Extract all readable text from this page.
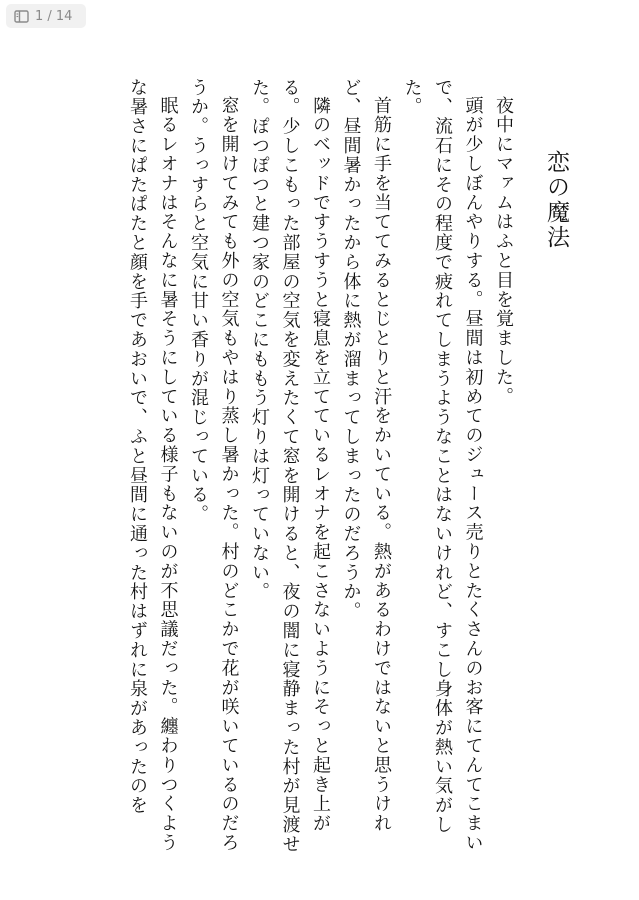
1 / 14
恋の魔法

夜中にマァムはふと目を覚ました。

頭が少しぼんやりする。昼間は初めてのジュース売りとたくさんのお客にてんてこまいで、流石にその程度で疲れてしまうようなことはないけれど、すこし身体が熱い気がした。

首筋に手を当ててみるとじとりと汗をかいている。熱があるわけではないと思うけれど、昼間暑かったから体に熱が溜まってしまったのだろうか。

隣のベッドですうすうと寝息を立てているレオナを起こさないようにそっと起き上がる。少しこもった部屋の空気を変えたくて窓を開けると、夜の闇に寝静まった村が見渡せた。ぽつぽつと建つ家のどこにももう灯りは灯っていない。

窓を開けてみても外の空気もやはり蒸し暑かった。村のどこかで花が咲いているのだろうか。うっすらと空気に甘い香りが混じっている。

眠るレオナはそんなに暑そうにしている様子もないのが不思議だった。纏わりつくような暑さにぱたぱたと顔を手であおいで、ふと昼間に通った村はずれに泉があったのを
